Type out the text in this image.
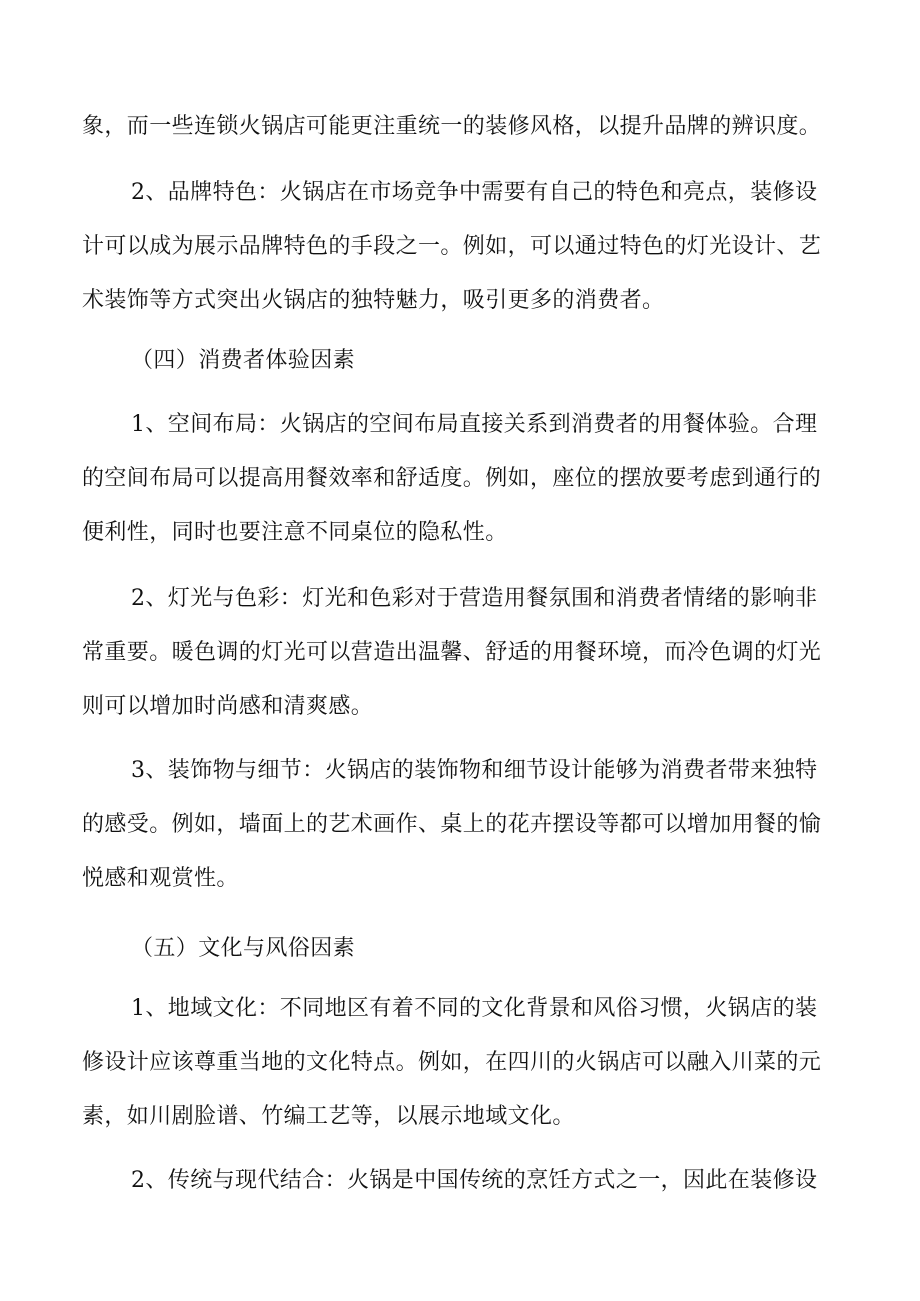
象，而一些连锁火锅店可能更注重统一的装修风格，以提升品牌的辨识度。
2、品牌特色：火锅店在市场竞争中需要有自己的特色和亮点，装修设
计可以成为展示品牌特色的手段之一。例如，可以通过特色的灯光设计、艺
术装饰等方式突出火锅店的独特魅力，吸引更多的消费者。
（四）消费者体验因素
1、空间布局：火锅店的空间布局直接关系到消费者的用餐体验。合理
的空间布局可以提高用餐效率和舒适度。例如，座位的摆放要考虑到通行的
便利性，同时也要注意不同桌位的隐私性。
2、灯光与色彩：灯光和色彩对于营造用餐氛围和消费者情绪的影响非
常重要。暖色调的灯光可以营造出温馨、舒适的用餐环境，而冷色调的灯光
则可以增加时尚感和清爽感。
3、装饰物与细节：火锅店的装饰物和细节设计能够为消费者带来独特
的感受。例如，墙面上的艺术画作、桌上的花卉摆设等都可以增加用餐的愉
悦感和观赏性。
（五）文化与风俗因素
1、地域文化：不同地区有着不同的文化背景和风俗习惯，火锅店的装
修设计应该尊重当地的文化特点。例如，在四川的火锅店可以融入川菜的元
素，如川剧脸谱、竹编工艺等，以展示地域文化。
2、传统与现代结合：火锅是中国传统的烹饪方式之一，因此在装修设
